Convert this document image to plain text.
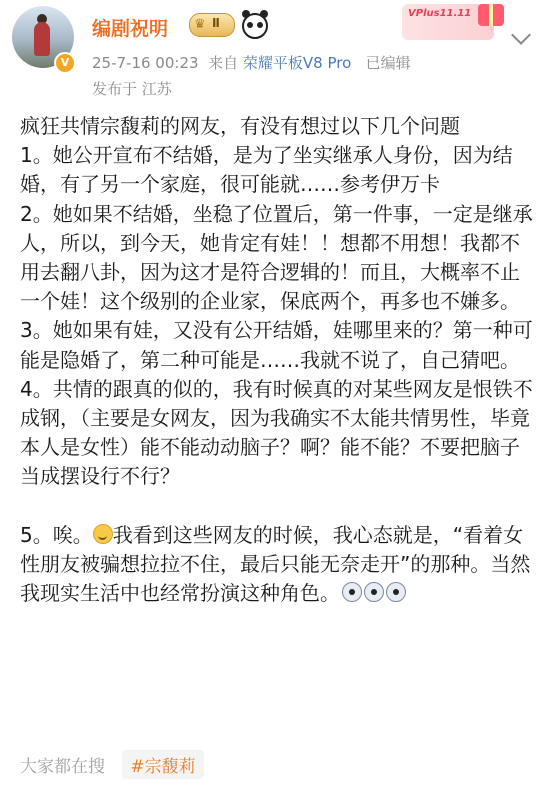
V
编剧祝明 ♛ Ⅱ
VPlus11.11
25-7-16 00:23 来自 荣耀平板V8 Pro 已编辑
发布于 江苏

疯狂共情宗馥莉的网友，有没有想过以下几个问题

1。她公开宣布不结婚，是为了坐实继承人身份，因为结婚，有了另一个家庭，很可能就……参考伊万卡

2。她如果不结婚，坐稳了位置后，第一件事，一定是继承人，所以，到今天，她肯定有娃！！想都不用想！我都不用去翻八卦，因为这才是符合逻辑的！而且，大概率不止一个娃！这个级别的企业家，保底两个，再多也不嫌多。

3。她如果有娃，又没有公开结婚，娃哪里来的？第一种可能是隐婚了，第二种可能是……我就不说了，自己猜吧。

4。共情的跟真的似的，我有时候真的对某些网友是恨铁不成钢，（主要是女网友，因为我确实不太能共情男性，毕竟本人是女性）能不能动动脑子？啊？能不能？不要把脑子当成摆设行不行？

5。唉。 我看到这些网友的时候，我心态就是，“看着女性朋友被骗想拉拉不住，最后只能无奈走开”的那种。当然我现实生活中也经常扮演这种角色。

大家都在搜 #宗馥莉
